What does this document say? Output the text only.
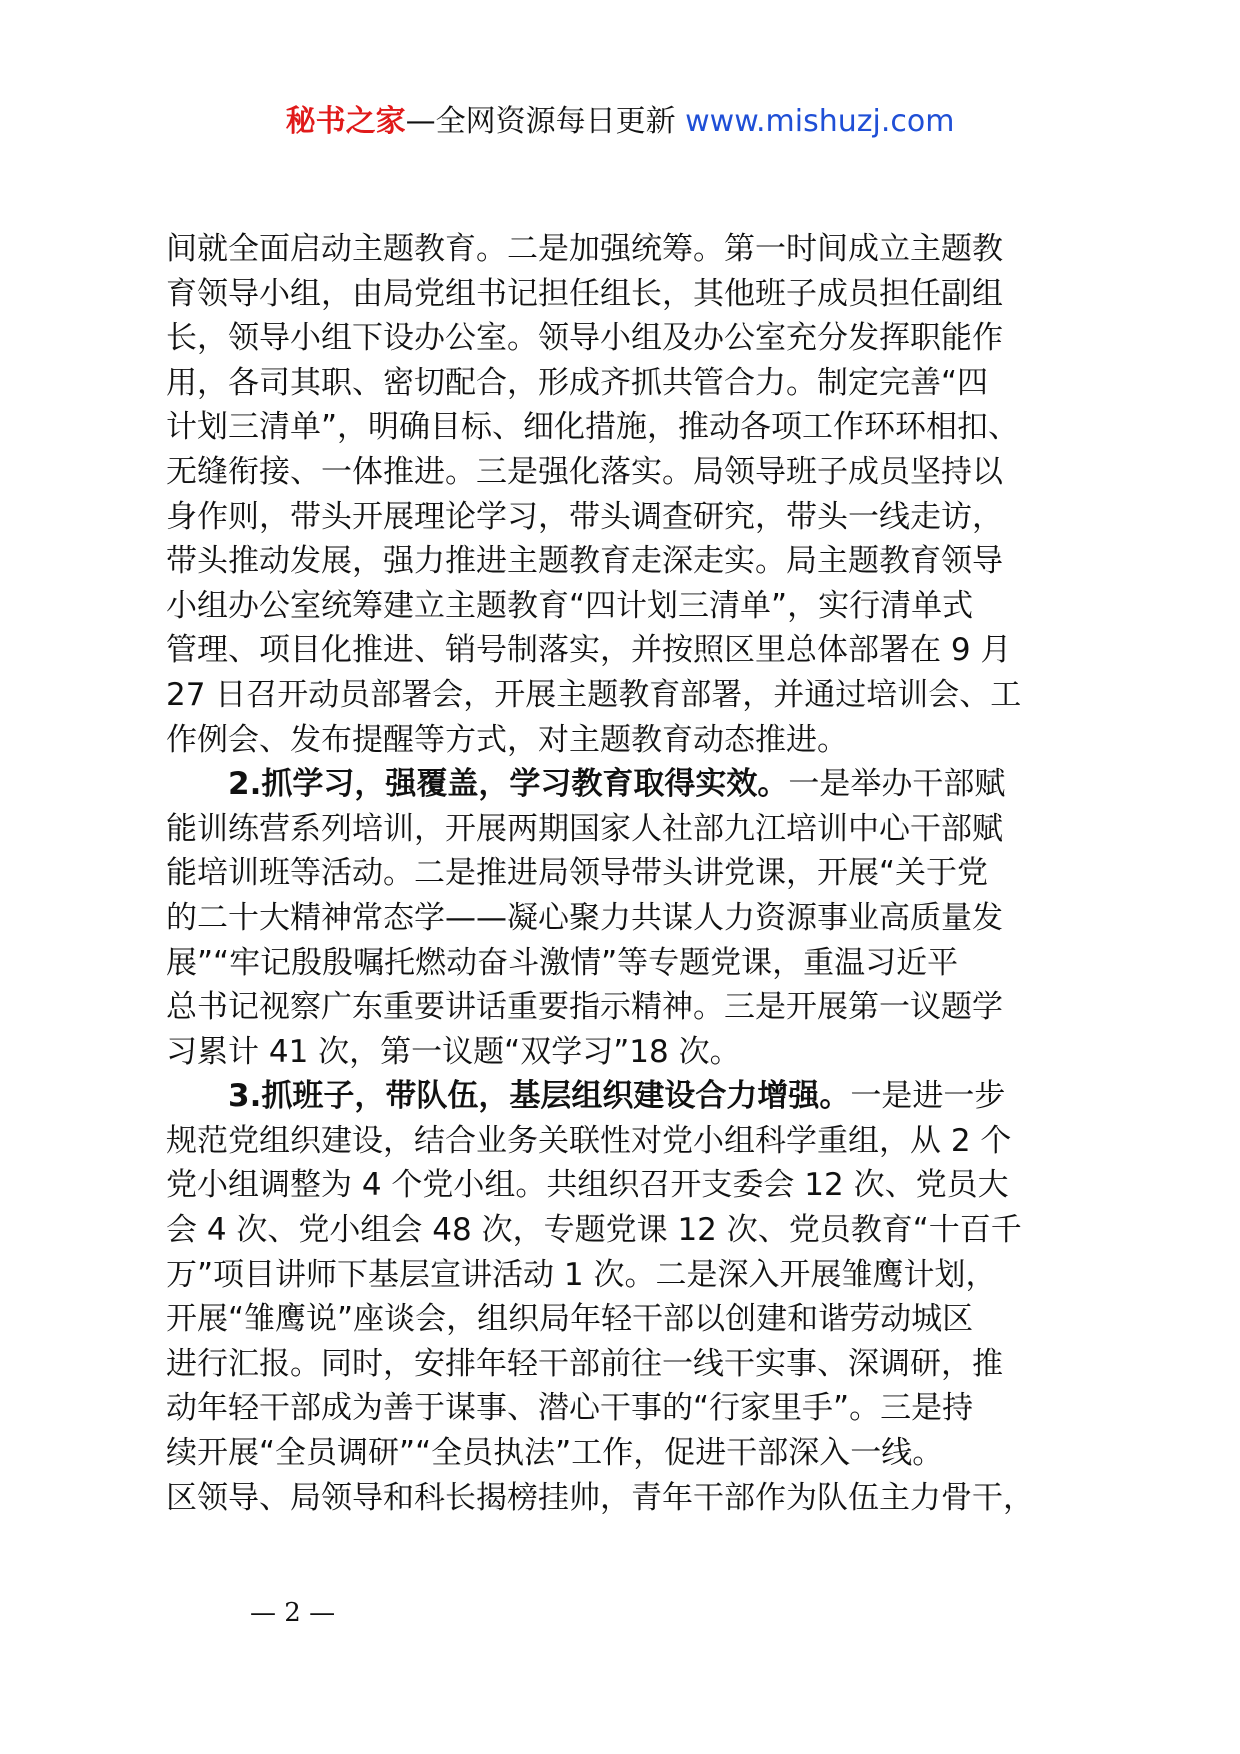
秘书之家—全网资源每日更新 www.mishuzj.com
间就全面启动主题教育。二是加强统筹。第一时间成立主题教
育领导小组，由局党组书记担任组长，其他班子成员担任副组
长，领导小组下设办公室。领导小组及办公室充分发挥职能作
用，各司其职、密切配合，形成齐抓共管合力。制定完善“四
计划三清单”，明确目标、细化措施，推动各项工作环环相扣、
无缝衔接、一体推进。三是强化落实。局领导班子成员坚持以
身作则，带头开展理论学习，带头调查研究，带头一线走访，
带头推动发展，强力推进主题教育走深走实。局主题教育领导
小组办公室统筹建立主题教育“四计划三清单”，实行清单式
管理、项目化推进、销号制落实，并按照区里总体部署在 9 月
27 日召开动员部署会，开展主题教育部署，并通过培训会、工
作例会、发布提醒等方式，对主题教育动态推进。
2.抓学习，强覆盖，学习教育取得实效。一是举办干部赋
能训练营系列培训，开展两期国家人社部九江培训中心干部赋
能培训班等活动。二是推进局领导带头讲党课，开展“关于党
的二十大精神常态学——凝心聚力共谋人力资源事业高质量发
展”“牢记殷殷嘱托燃动奋斗激情”等专题党课，重温习近平
总书记视察广东重要讲话重要指示精神。三是开展第一议题学
习累计 41 次，第一议题“双学习”18 次。
3.抓班子，带队伍，基层组织建设合力增强。一是进一步
规范党组织建设，结合业务关联性对党小组科学重组，从 2 个
党小组调整为 4 个党小组。共组织召开支委会 12 次、党员大
会 4 次、党小组会 48 次，专题党课 12 次、党员教育“十百千
万”项目讲师下基层宣讲活动 1 次。二是深入开展雏鹰计划，
开展“雏鹰说”座谈会，组织局年轻干部以创建和谐劳动城区
进行汇报。同时，安排年轻干部前往一线干实事、深调研，推
动年轻干部成为善于谋事、潜心干事的“行家里手”。三是持
续开展“全员调研”“全员执法”工作，促进干部深入一线。
区领导、局领导和科长揭榜挂帅，青年干部作为队伍主力骨干，
— 2 —
